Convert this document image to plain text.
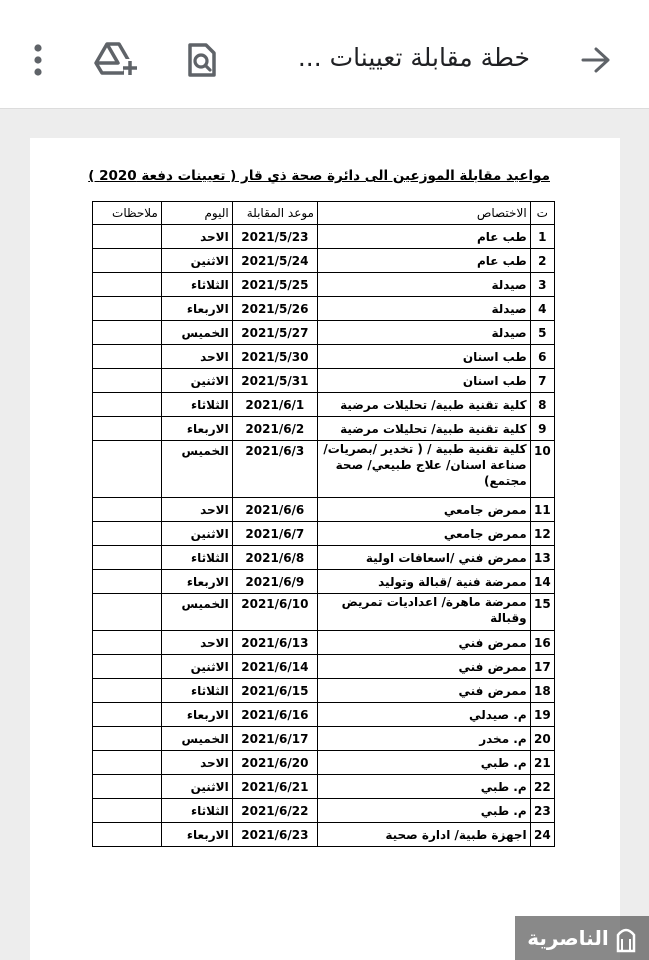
خطة مقابلة تعيينات ...
مواعيد مقابلة الموزعين الى دائرة صحة ذي قار ( تعيينات دفعة 2020 )
ت	الاختصاص	موعد المقابلة	اليوم	ملاحظات
1	طب عام	2021/5/23	الاحد	
2	طب عام	2021/5/24	الاثنين	
3	صيدلة	2021/5/25	الثلاثاء	
4	صيدلة	2021/5/26	الاربعاء	
5	صيدلة	2021/5/27	الخميس	
6	طب اسنان	2021/5/30	الاحد	
7	طب اسنان	2021/5/31	الاثنين	
8	كلية تقنية طبية/ تحليلات مرضية	2021/6/1	الثلاثاء	
9	كلية تقنية طبية/ تحليلات مرضية	2021/6/2	الاربعاء	
10	كلية تقنية طبية / ( تخدير /بصريات/ صناعة اسنان/ علاج طبيعي/ صحة مجتمع)	2021/6/3	الخميس	
11	ممرض جامعي	2021/6/6	الاحد	
12	ممرض جامعي	2021/6/7	الاثنين	
13	ممرض فني /اسعافات اولية	2021/6/8	الثلاثاء	
14	ممرضة فنية /قبالة وتوليد	2021/6/9	الاربعاء	
15	ممرضة ماهرة/ اعداديات تمريض وقبالة	2021/6/10	الخميس	
16	ممرض فني	2021/6/13	الاحد	
17	ممرض فني	2021/6/14	الاثنين	
18	ممرض فني	2021/6/15	الثلاثاء	
19	م. صيدلي	2021/6/16	الاربعاء	
20	م. مخدر	2021/6/17	الخميس	
21	م. طبي	2021/6/20	الاحد	
22	م. طبي	2021/6/21	الاثنين	
23	م. طبي	2021/6/22	الثلاثاء	
24	اجهزة طبية/ ادارة صحية	2021/6/23	الاربعاء	
الناصرية
